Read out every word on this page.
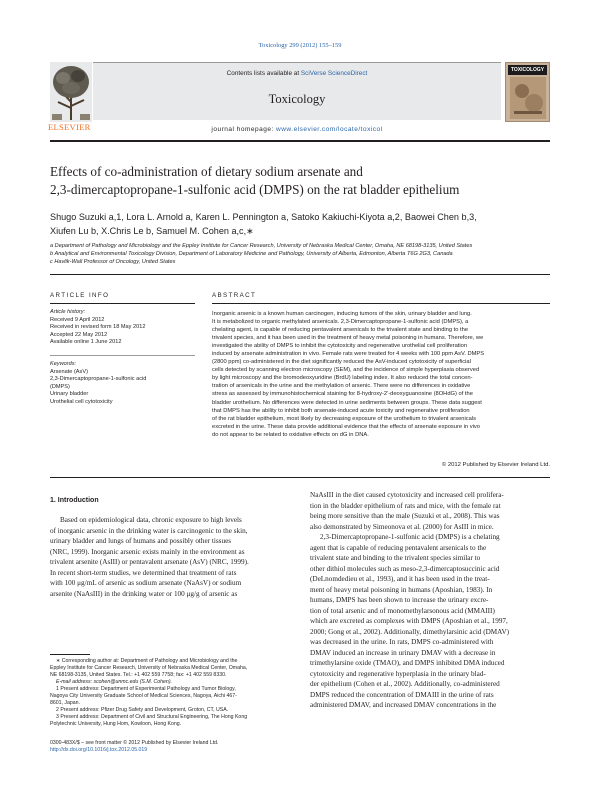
Toxicology 299 (2012) 155–159
Contents lists available at SciVerse ScienceDirect
Toxicology
ELSEVIER
TOXICOLOGY
journal homepage: www.elsevier.com/locate/toxicol
Effects of co-administration of dietary sodium arsenate and
2,3-dimercaptopropane-1-sulfonic acid (DMPS) on the rat bladder epithelium
Shugo Suzuki a,1, Lora L. Arnold a, Karen L. Pennington a, Satoko Kakiuchi-Kiyota a,2, Baowei Chen b,3,
Xiufen Lu b, X.Chris Le b, Samuel M. Cohen a,c,∗
a Department of Pathology and Microbiology and the Eppley Institute for Cancer Research, University of Nebraska Medical Center, Omaha, NE 68198-3135, United States
b Analytical and Environmental Toxicology Division, Department of Laboratory Medicine and Pathology, University of Alberta, Edmonton, Alberta T6G 2G3, Canada
c Havlik-Wall Professor of Oncology, United States
ARTICLE INFO
Article history:
Received 9 April 2012
Received in revised form 18 May 2012
Accepted 22 May 2012
Available online 1 June 2012
Keywords:
Arsenate (AsV)
2,3-Dimercaptopropane-1-sulfonic acid
(DMPS)
Urinary bladder
Urothelial cell cytotoxicity
ABSTRACT
Inorganic arsenic is a known human carcinogen, inducing tumors of the skin, urinary bladder and lung.
It is metabolized to organic methylated arsenicals. 2,3-Dimercaptopropane-1-sulfonic acid (DMPS), a
chelating agent, is capable of reducing pentavalent arsenicals to the trivalent state and binding to the
trivalent species, and it has been used in the treatment of heavy metal poisoning in humans. Therefore, we
investigated the ability of DMPS to inhibit the cytotoxicity and regenerative urothelial cell proliferation
induced by arsenate administration in vivo. Female rats were treated for 4 weeks with 100 ppm AsV. DMPS
(2800 ppm) co-administered in the diet significantly reduced the AsV-induced cytotoxicity of superficial
cells detected by scanning electron microscopy (SEM), and the incidence of simple hyperplasia observed
by light microscopy and the bromodeoxyuridine (BrdU) labeling index. It also reduced the total concen-
tration of arsenicals in the urine and the methylation of arsenic. There were no differences in oxidative
stress as assessed by immunohistochemical staining for 8-hydroxy-2′-deoxyguanosine (8OHdG) of the
bladder urothelium. No differences were detected in urine sediments between groups. These data suggest
that DMPS has the ability to inhibit both arsenate-induced acute toxicity and regenerative proliferation
of the rat bladder epithelium, most likely by decreasing exposure of the urothelium to trivalent arsenicals
excreted in the urine. These data provide additional evidence that the effects of arsenate exposure in vivo
do not appear to be related to oxidative effects on dG in DNA.
© 2012 Published by Elsevier Ireland Ltd.
1. Introduction
Based on epidemiological data, chronic exposure to high levels
of inorganic arsenic in the drinking water is carcinogenic to the skin,
urinary bladder and lungs of humans and possibly other tissues
(NRC, 1999). Inorganic arsenic exists mainly in the environment as
trivalent arsenite (AsIII) or pentavalent arsenate (AsV) (NRC, 1999).
In recent short-term studies, we determined that treatment of rats
with 100 μg/mL of arsenic as sodium arsenate (NaAsV) or sodium
arsenite (NaAsIII) in the drinking water or 100 μg/g of arsenic as
NaAsIII in the diet caused cytotoxicity and increased cell prolifera-
tion in the bladder epithelium of rats and mice, with the female rat
being more sensitive than the male (Suzuki et al., 2008). This was
also demonstrated by Simeonova et al. (2000) for AsIII in mice.
2,3-Dimercaptopropane-1-sulfonic acid (DMPS) is a chelating
agent that is capable of reducing pentavalent arsenicals to the
trivalent state and binding to the trivalent species similar to
other dithiol molecules such as meso-2,3-dimercaptosuccinic acid
(DeLnomdedieu et al., 1993), and it has been used in the treat-
ment of heavy metal poisoning in humans (Aposhian, 1983). In
humans, DMPS has been shown to increase the urinary excre-
tion of total arsenic and of monomethylarsonous acid (MMAIII)
which are excreted as complexes with DMPS (Aposhian et al., 1997,
2000; Gong et al., 2002). Additionally, dimethylarsinic acid (DMAV)
was decreased in the urine. In rats, DMPS co-administered with
DMAV induced an increase in urinary DMAV with a decrease in
trimethylarsine oxide (TMAO), and DMPS inhibited DMA induced
cytotoxicity and regenerative hyperplasia in the urinary blad-
der epithelium (Cohen et al., 2002). Additionally, co-administered
DMPS reduced the concentration of DMAIII in the urine of rats
administered DMAV, and increased DMAV concentrations in the
∗ Corresponding author at: Department of Pathology and Microbiology and the
Eppley Institute for Cancer Research, University of Nebraska Medical Center, Omaha,
NE 68198-3135, United States. Tel.: +1 402 559 7758; fax: +1 402 559 8330.
E-mail address: scohen@unmc.edu (S.M. Cohen).
1 Present address: Department of Experimental Pathology and Tumor Biology,
Nagoya City University Graduate School of Medical Sciences, Nagoya, Aichi 467-
8601, Japan.
2 Present address: Pfizer Drug Safety and Development, Groton, CT, USA.
3 Present address: Department of Civil and Structural Engineering, The Hong Kong
Polytechnic University, Hung Hom, Kowloon, Hong Kong.
0300-483X/$ – see front matter © 2012 Published by Elsevier Ireland Ltd.
http://dx.doi.org/10.1016/j.tox.2012.05.019
